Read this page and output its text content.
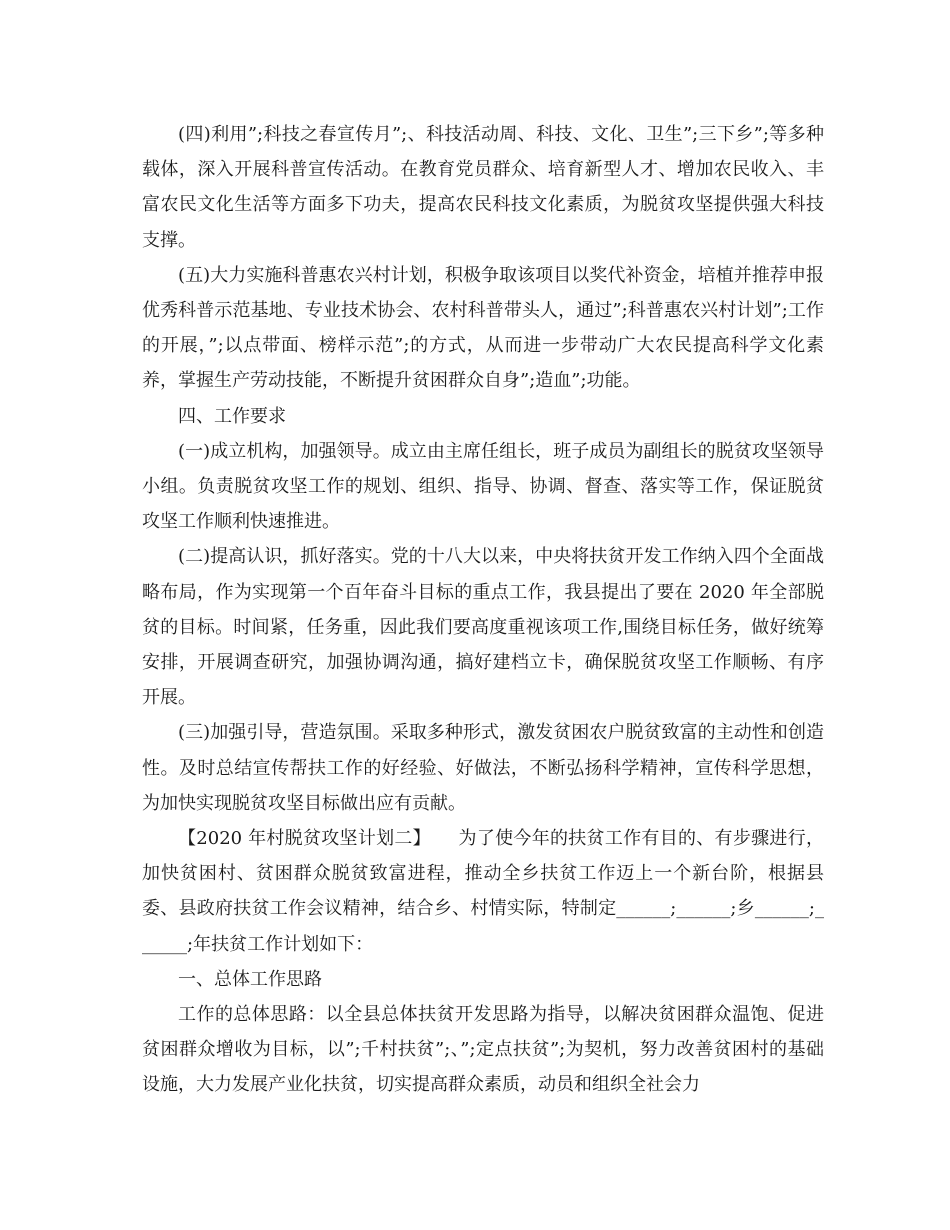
(四)利用”;科技之春宣传月”;、科技活动周、科技、文化、卫生”;三下乡”;等多种载体，深入开展科普宣传活动。在教育党员群众、培育新型人才、增加农民收入、丰富农民文化生活等方面多下功夫，提高农民科技文化素质，为脱贫攻坚提供强大科技支撑。

(五)大力实施科普惠农兴村计划，积极争取该项目以奖代补资金，培植并推荐申报优秀科普示范基地、专业技术协会、农村科普带头人，通过”;科普惠农兴村计划”;工作的开展，”;以点带面、榜样示范”;的方式，从而进一步带动广大农民提高科学文化素养，掌握生产劳动技能，不断提升贫困群众自身”;造血”;功能。

四、工作要求

(一)成立机构，加强领导。成立由主席任组长，班子成员为副组长的脱贫攻坚领导小组。负责脱贫攻坚工作的规划、组织、指导、协调、督查、落实等工作，保证脱贫攻坚工作顺利快速推进。

(二)提高认识，抓好落实。党的十八大以来，中央将扶贫开发工作纳入四个全面战略布局，作为实现第一个百年奋斗目标的重点工作，我县提出了要在 2020 年全部脱贫的目标。时间紧，任务重，因此我们要高度重视该项工作,围绕目标任务，做好统筹安排，开展调查研究，加强协调沟通，搞好建档立卡，确保脱贫攻坚工作顺畅、有序开展。

(三)加强引导，营造氛围。采取多种形式，激发贫困农户脱贫致富的主动性和创造性。及时总结宣传帮扶工作的好经验、好做法，不断弘扬科学精神，宣传科学思想，为加快实现脱贫攻坚目标做出应有贡献。

【2020 年村脱贫攻坚计划二】　　为了使今年的扶贫工作有目的、有步骤进行，加快贫困村、贫困群众脱贫致富进程，推动全乡扶贫工作迈上一个新台阶，根据县委、县政府扶贫工作会议精神，结合乡、村情实际，特制定______;______;乡______;______;年扶贫工作计划如下：

一、总体工作思路

工作的总体思路：以全县总体扶贫开发思路为指导，以解决贫困群众温饱、促进贫困群众增收为目标，以”;千村扶贫”;、”;定点扶贫”;为契机，努力改善贫困村的基础设施，大力发展产业化扶贫，切实提高群众素质，动员和组织全社会力
